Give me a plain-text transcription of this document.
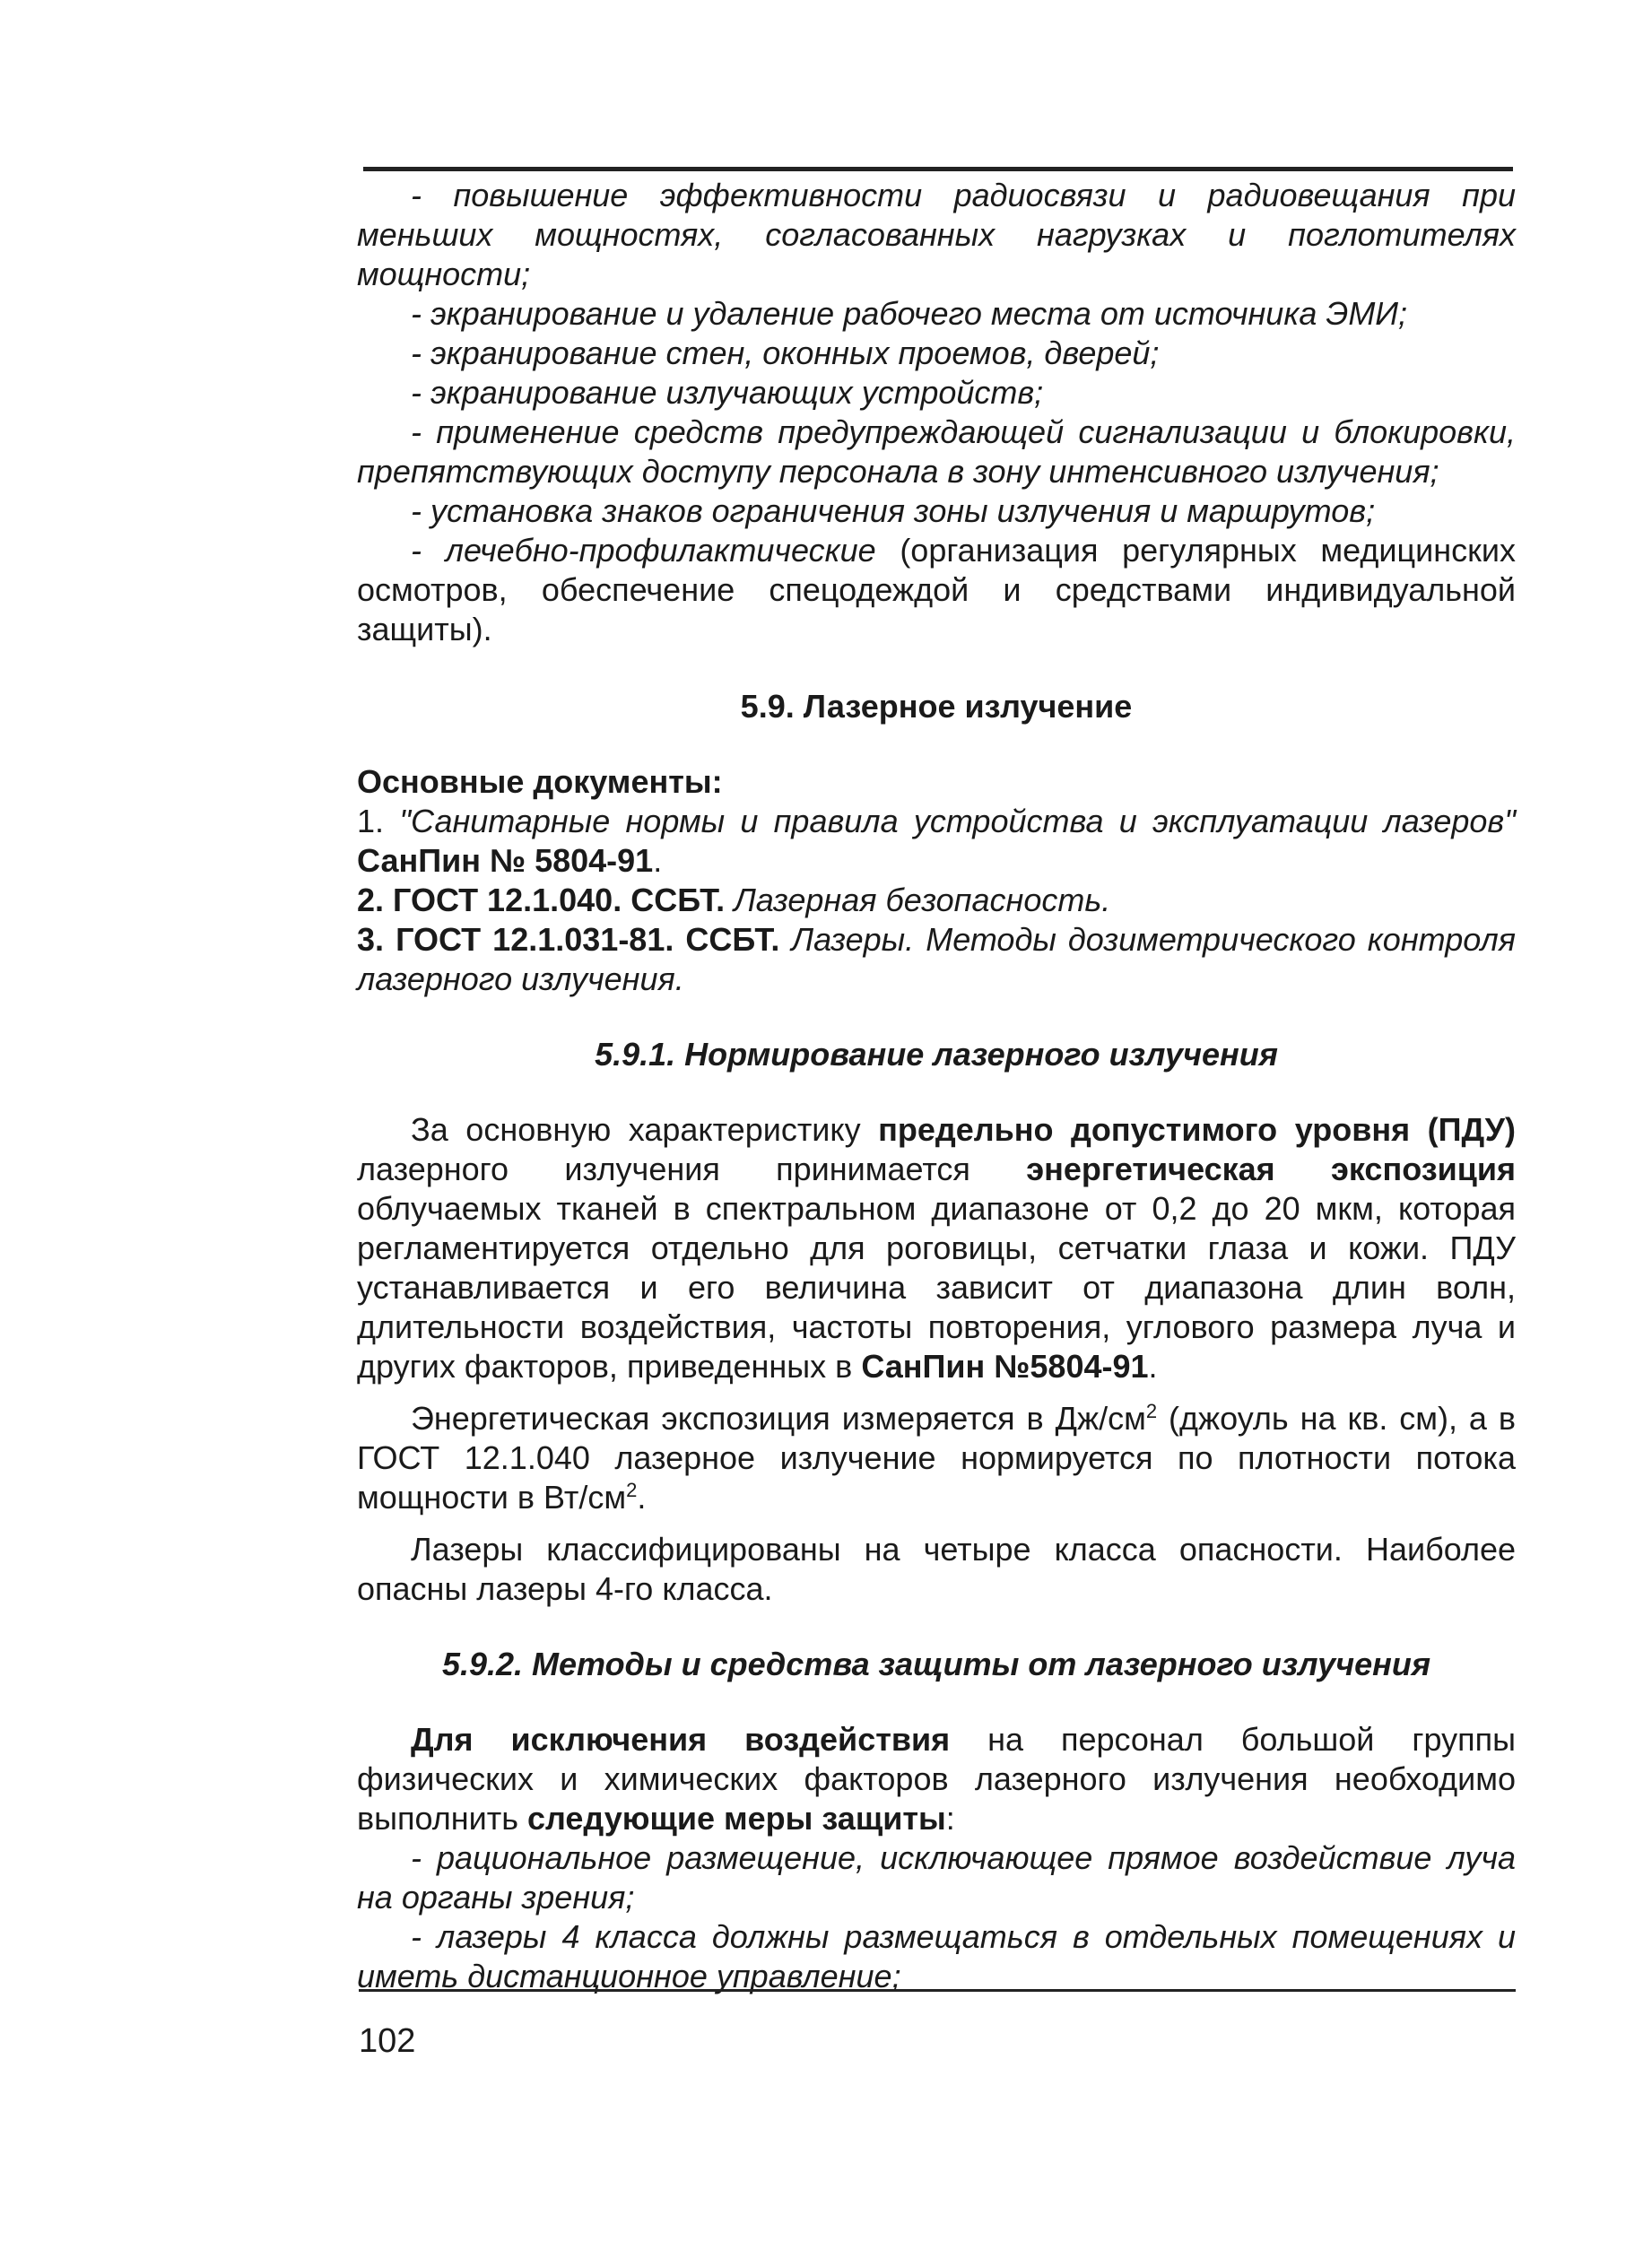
- повышение эффективности радиосвязи и радиовещания при меньших мощностях, согласованных нагрузках и поглотителях мощности;

- экранирование и удаление рабочего места от источника ЭМИ;

- экранирование стен, оконных проемов, дверей;

- экранирование излучающих устройств;

- применение средств предупреждающей сигнализации и блокировки, препятствующих доступу персонала в зону интенсивного излучения;

- установка знаков ограничения зоны излучения и маршрутов;

- лечебно-профилактические (организация регулярных медицинских осмотров, обеспечение спецодеждой и средствами индивидуальной защиты).

5.9. Лазерное излучение

Основные документы:

1. "Санитарные нормы и правила устройства и эксплуатации лазеров" СанПин № 5804-91.

2. ГОСТ 12.1.040. ССБТ. Лазерная безопасность.

3. ГОСТ 12.1.031-81. ССБТ. Лазеры. Методы дозиметрического контроля лазерного излучения.

5.9.1. Нормирование лазерного излучения

За основную характеристику предельно допустимого уровня (ПДУ) лазерного излучения принимается энергетическая экспозиция облучаемых тканей в спектральном диапазоне от 0,2 до 20 мкм, которая регламентируется отдельно для роговицы, сетчатки глаза и кожи. ПДУ устанавливается и его величина зависит от диапазона длин волн, длительности воздействия, частоты повторения, углового размера луча и других факторов, приведенных в СанПин №5804-91.

Энергетическая экспозиция измеряется в $Дж/см^2$ (джоуль на кв. см), а в ГОСТ 12.1.040 лазерное излучение нормируется по плотности потока мощности в $Вт/см^2$.

Лазеры классифицированы на четыре класса опасности. Наиболее опасны лазеры 4-го класса.

5.9.2. Методы и средства защиты от лазерного излучения

Для исключения воздействия на персонал большой группы физических и химических факторов лазерного излучения необходимо выполнить следующие меры защиты:

- рациональное размещение, исключающее прямое воздействие луча на органы зрения;

- лазеры 4 класса должны размещаться в отдельных помещениях и иметь дистанционное управление;

102
